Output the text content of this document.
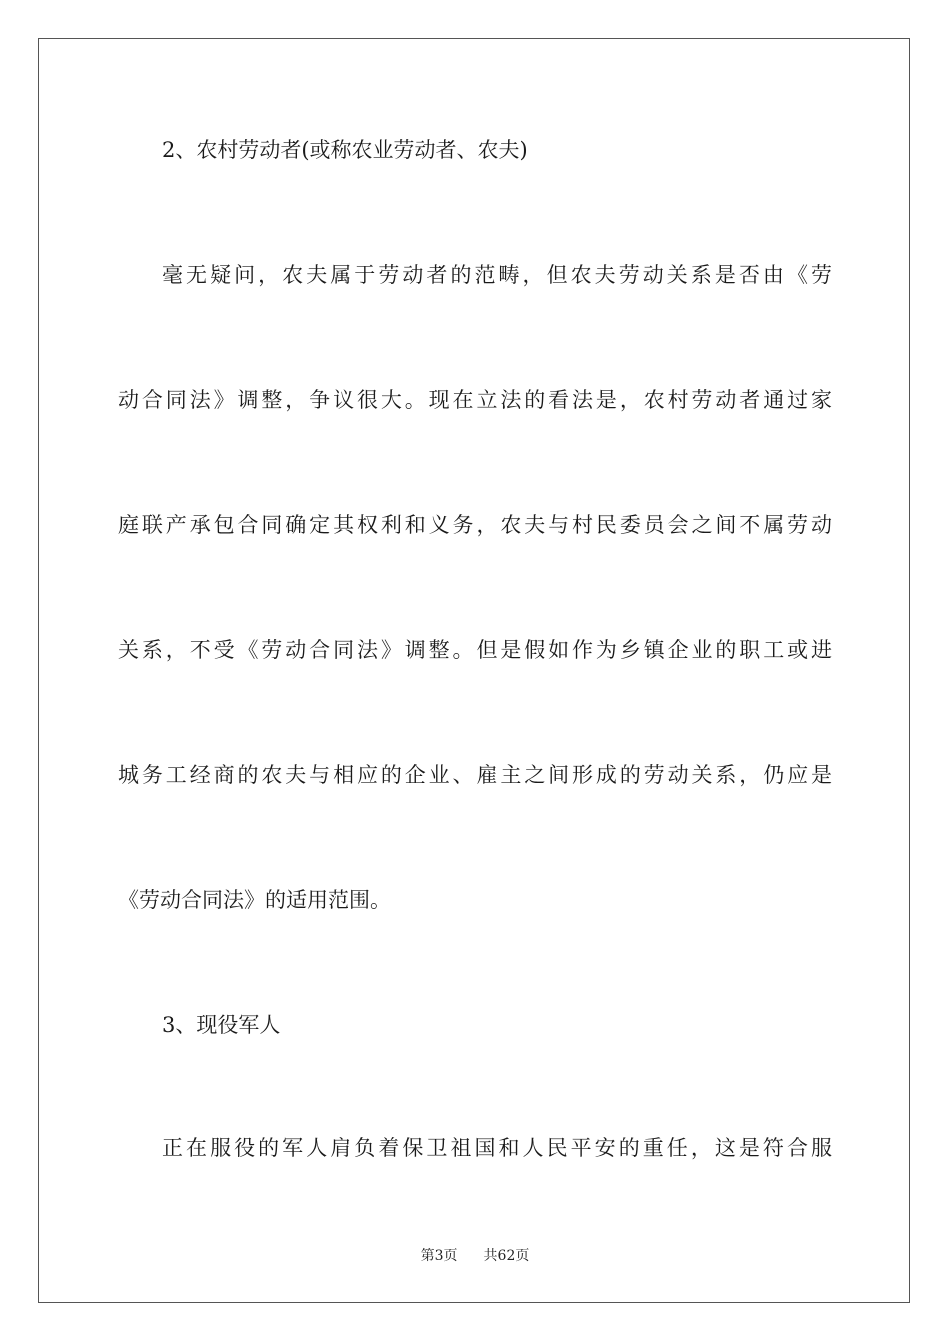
2、农村劳动者(或称农业劳动者、农夫)
毫无疑问，农夫属于劳动者的范畴，但农夫劳动关系是否由《劳
动合同法》调整，争议很大。现在立法的看法是，农村劳动者通过家
庭联产承包合同确定其权利和义务，农夫与村民委员会之间不属劳动
关系，不受《劳动合同法》调整。但是假如作为乡镇企业的职工或进
城务工经商的农夫与相应的企业、雇主之间形成的劳动关系，仍应是
《劳动合同法》的适用范围。
3、现役军人
正在服役的军人肩负着保卫祖国和人民平安的重任，这是符合服
第3页 共62页
